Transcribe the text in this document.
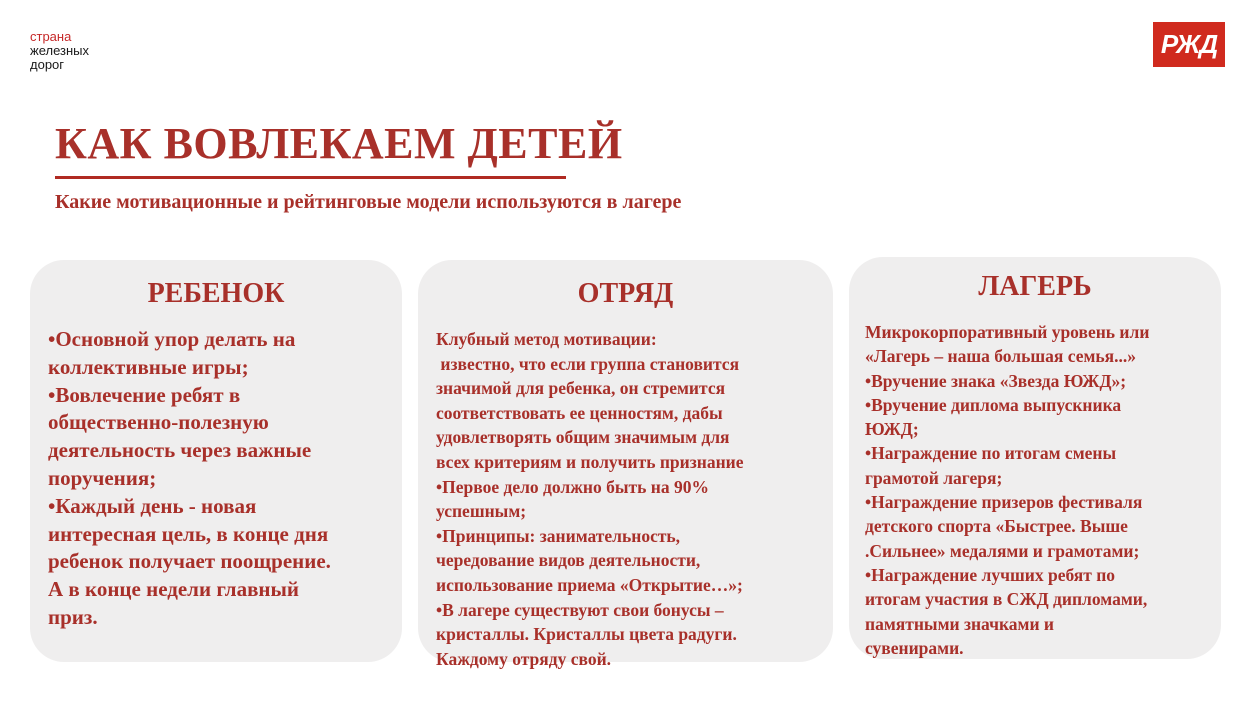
страна
железных
дорог
РЖД
КАК ВОВЛЕКАЕМ ДЕТЕЙ
Какие мотивационные и рейтинговые модели используются в лагере
РЕБЕНОК
•Основной упор делать на
коллективные игры;
•Вовлечение ребят в
общественно-полезную
деятельность через важные
поручения;
•Каждый день - новая
интересная цель, в конце дня
ребенок получает поощрение.
А в конце недели главный
приз.
ОТРЯД
Клубный метод мотивации:
известно, что если группа становится
значимой для ребенка, он стремится
соответствовать ее ценностям, дабы
удовлетворять общим значимым для
всех критериям и получить признание
•Первое дело должно быть на 90%
успешным;
•Принципы: занимательность,
чередование видов деятельности,
использование приема «Открытие…»;
•В лагере существуют свои бонусы –
кристаллы. Кристаллы цвета радуги.
Каждому отряду свой.
ЛАГЕРЬ
Микрокорпоративный уровень или
«Лагерь – наша большая семья...»
•Вручение знака «Звезда ЮЖД»;
•Вручение диплома выпускника
ЮЖД;
•Награждение по итогам смены
грамотой лагеря;
•Награждение призеров фестиваля
детского спорта «Быстрее. Выше
.Сильнее» медалями и грамотами;
•Награждение лучших ребят по
итогам участия в СЖД дипломами,
памятными значками и
сувенирами.
